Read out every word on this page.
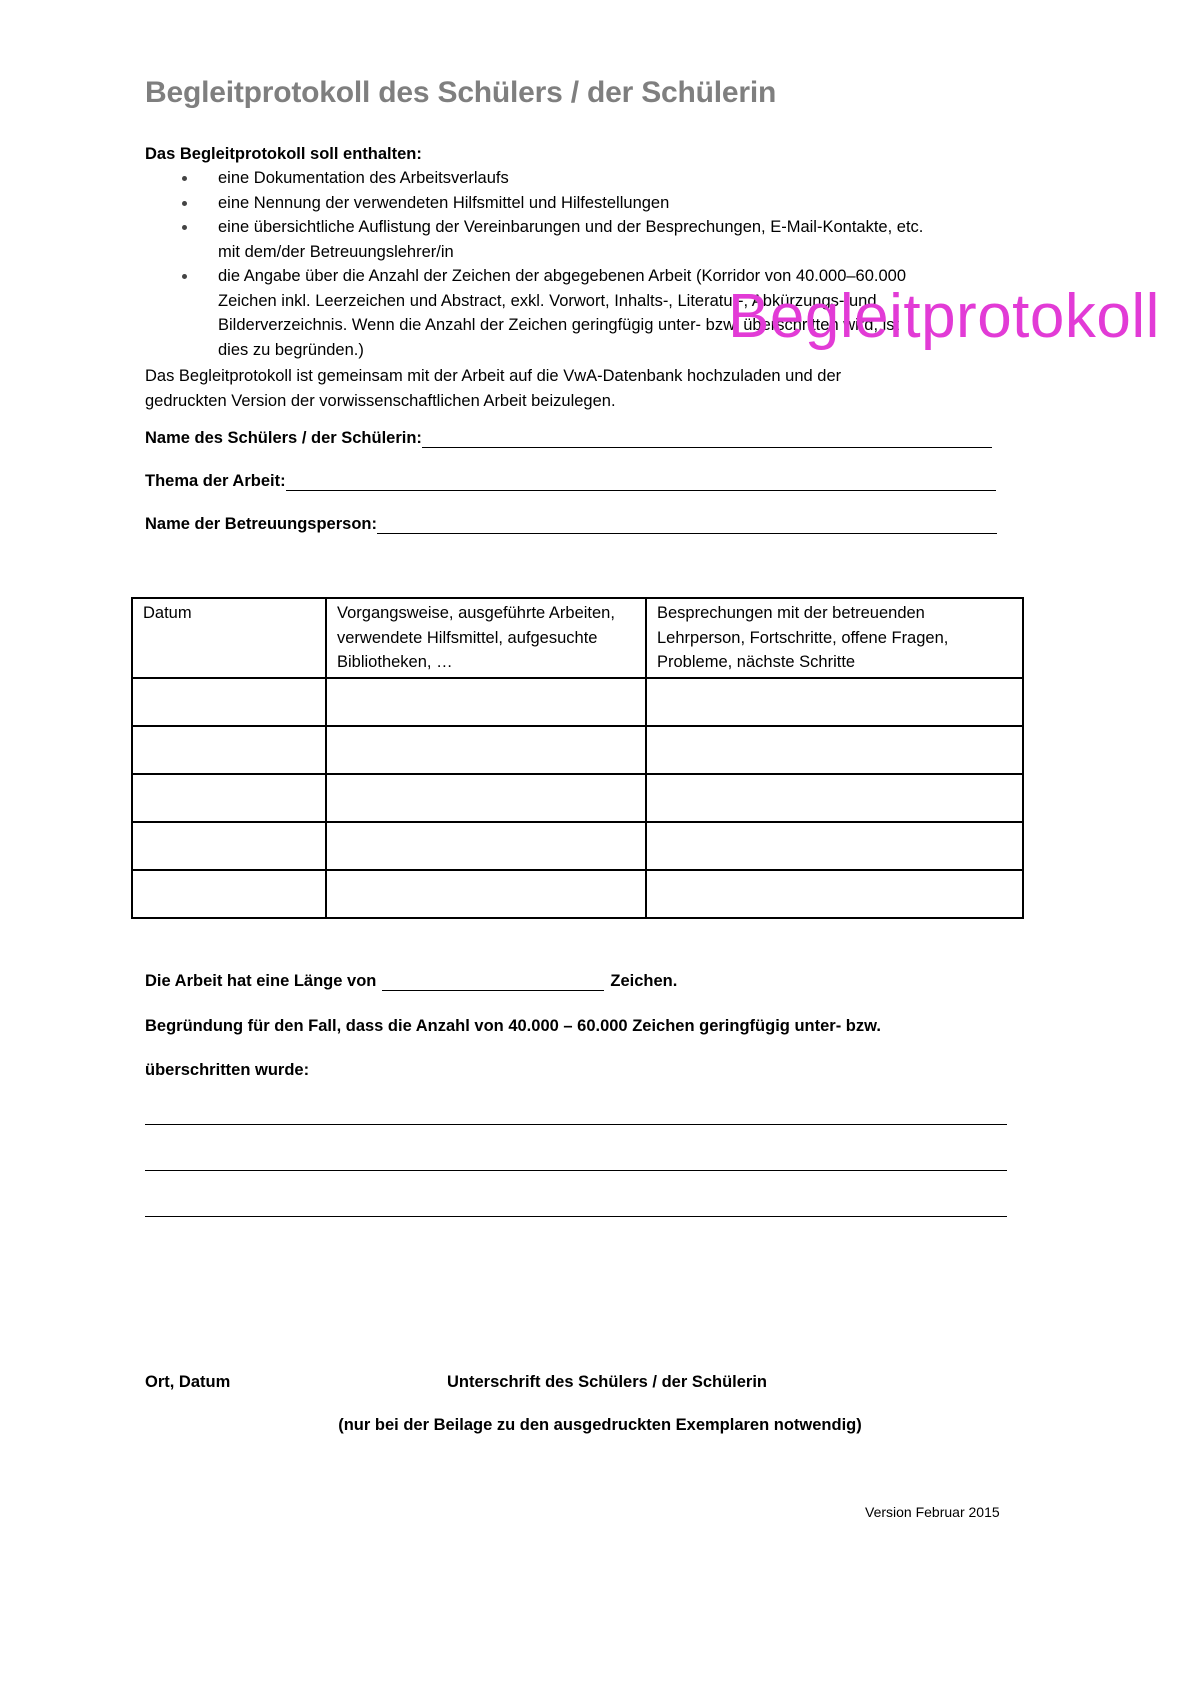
Begleitprotokoll des Schülers / der Schülerin
Das Begleitprotokoll soll enthalten:
eine Dokumentation des Arbeitsverlaufs
eine Nennung der verwendeten Hilfsmittel und Hilfestellungen
eine übersichtliche Auflistung der Vereinbarungen und der Besprechungen, E-Mail-Kontakte, etc.
mit dem/der Betreuungslehrer/in
die Angabe über die Anzahl der Zeichen der abgegebenen Arbeit (Korridor von 40.000–60.000
Zeichen inkl. Leerzeichen und Abstract, exkl. Vorwort, Inhalts-, Literatur-, Abkürzungs- und
Bilderverzeichnis. Wenn die Anzahl der Zeichen geringfügig unter- bzw. überschritten wird, ist
dies zu begründen.)
Das Begleitprotokoll ist gemeinsam mit der Arbeit auf die VwA-Datenbank hochzuladen und der
gedruckten Version der vorwissenschaftlichen Arbeit beizulegen.
Begleitprotokoll
Name des Schülers / der Schülerin:
Thema der Arbeit:
Name der Betreuungsperson:
Datum	Vorgangsweise, ausgeführte Arbeiten, verwendete Hilfsmittel, aufgesuchte Bibliotheken, …	Besprechungen mit der betreuenden Lehrperson, Fortschritte, offene Fragen, Probleme, nächste Schritte

Die Arbeit hat eine Länge von	Zeichen.
Begründung für den Fall, dass die Anzahl von 40.000 – 60.000 Zeichen geringfügig unter- bzw.
überschritten wurde:
Ort, Datum	Unterschrift des Schülers / der Schülerin
(nur bei der Beilage zu den ausgedruckten Exemplaren notwendig)
Version Februar 2015
